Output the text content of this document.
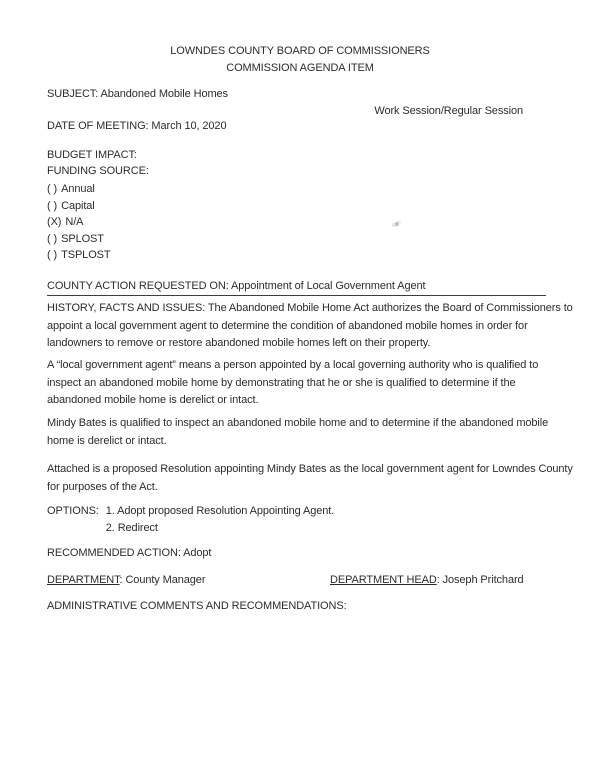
LOWNDES COUNTY BOARD OF COMMISSIONERS
COMMISSION AGENDA ITEM
SUBJECT: Abandoned Mobile Homes
Work Session/Regular Session
DATE OF MEETING: March 10, 2020
BUDGET IMPACT:
FUNDING SOURCE:
( ) Annual
( ) Capital
(X) N/A
( ) SPLOST
( ) TSPLOST
COUNTY ACTION REQUESTED ON: Appointment of Local Government Agent
HISTORY, FACTS AND ISSUES: The Abandoned Mobile Home Act authorizes the Board of Commissioners to
appoint a local government agent to determine the condition of abandoned mobile homes in order for
landowners to remove or restore abandoned mobile homes left on their property.
A “local government agent” means a person appointed by a local governing authority who is qualified to
inspect an abandoned mobile home by demonstrating that he or she is qualified to determine if the
abandoned mobile home is derelict or intact.
Mindy Bates is qualified to inspect an abandoned mobile home and to determine if the abandoned mobile
home is derelict or intact.
Attached is a proposed Resolution appointing Mindy Bates as the local government agent for Lowndes County
for purposes of the Act.
OPTIONS: 1. Adopt proposed Resolution Appointing Agent.
2. Redirect
RECOMMENDED ACTION: Adopt
DEPARTMENT: County Manager	DEPARTMENT HEAD: Joseph Pritchard
ADMINISTRATIVE COMMENTS AND RECOMMENDATIONS:
